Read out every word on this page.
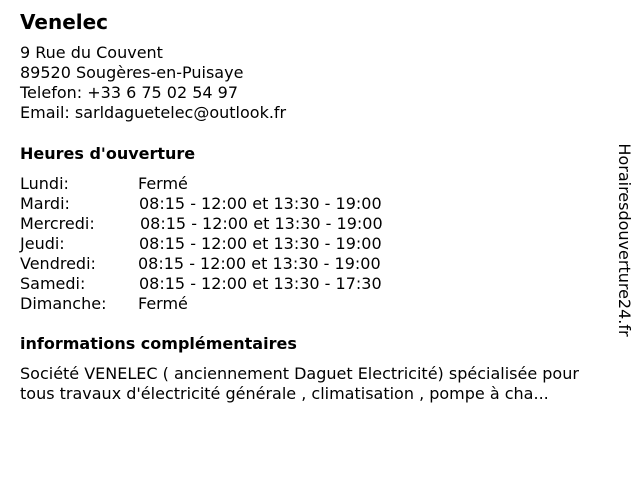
Venelec
9 Rue du Couvent
89520 Sougères-en-Puisaye
Telefon: +33 6 75 02 54 97
Email: sarldaguetelec@outlook.fr
Heures d'ouverture
Lundi:	Fermé
Mardi:	08:15 - 12:00 et 13:30 - 19:00
Mercredi:	08:15 - 12:00 et 13:30 - 19:00
Jeudi:	08:15 - 12:00 et 13:30 - 19:00
Vendredi:	08:15 - 12:00 et 13:30 - 19:00
Samedi:	08:15 - 12:00 et 13:30 - 17:30
Dimanche: Fermé
informations complémentaires
Société VENELEC ( anciennement Daguet Electricité) spécialisée pour
tous travaux d'électricité générale , climatisation , pompe à cha...
Horairesdouverture24.fr
